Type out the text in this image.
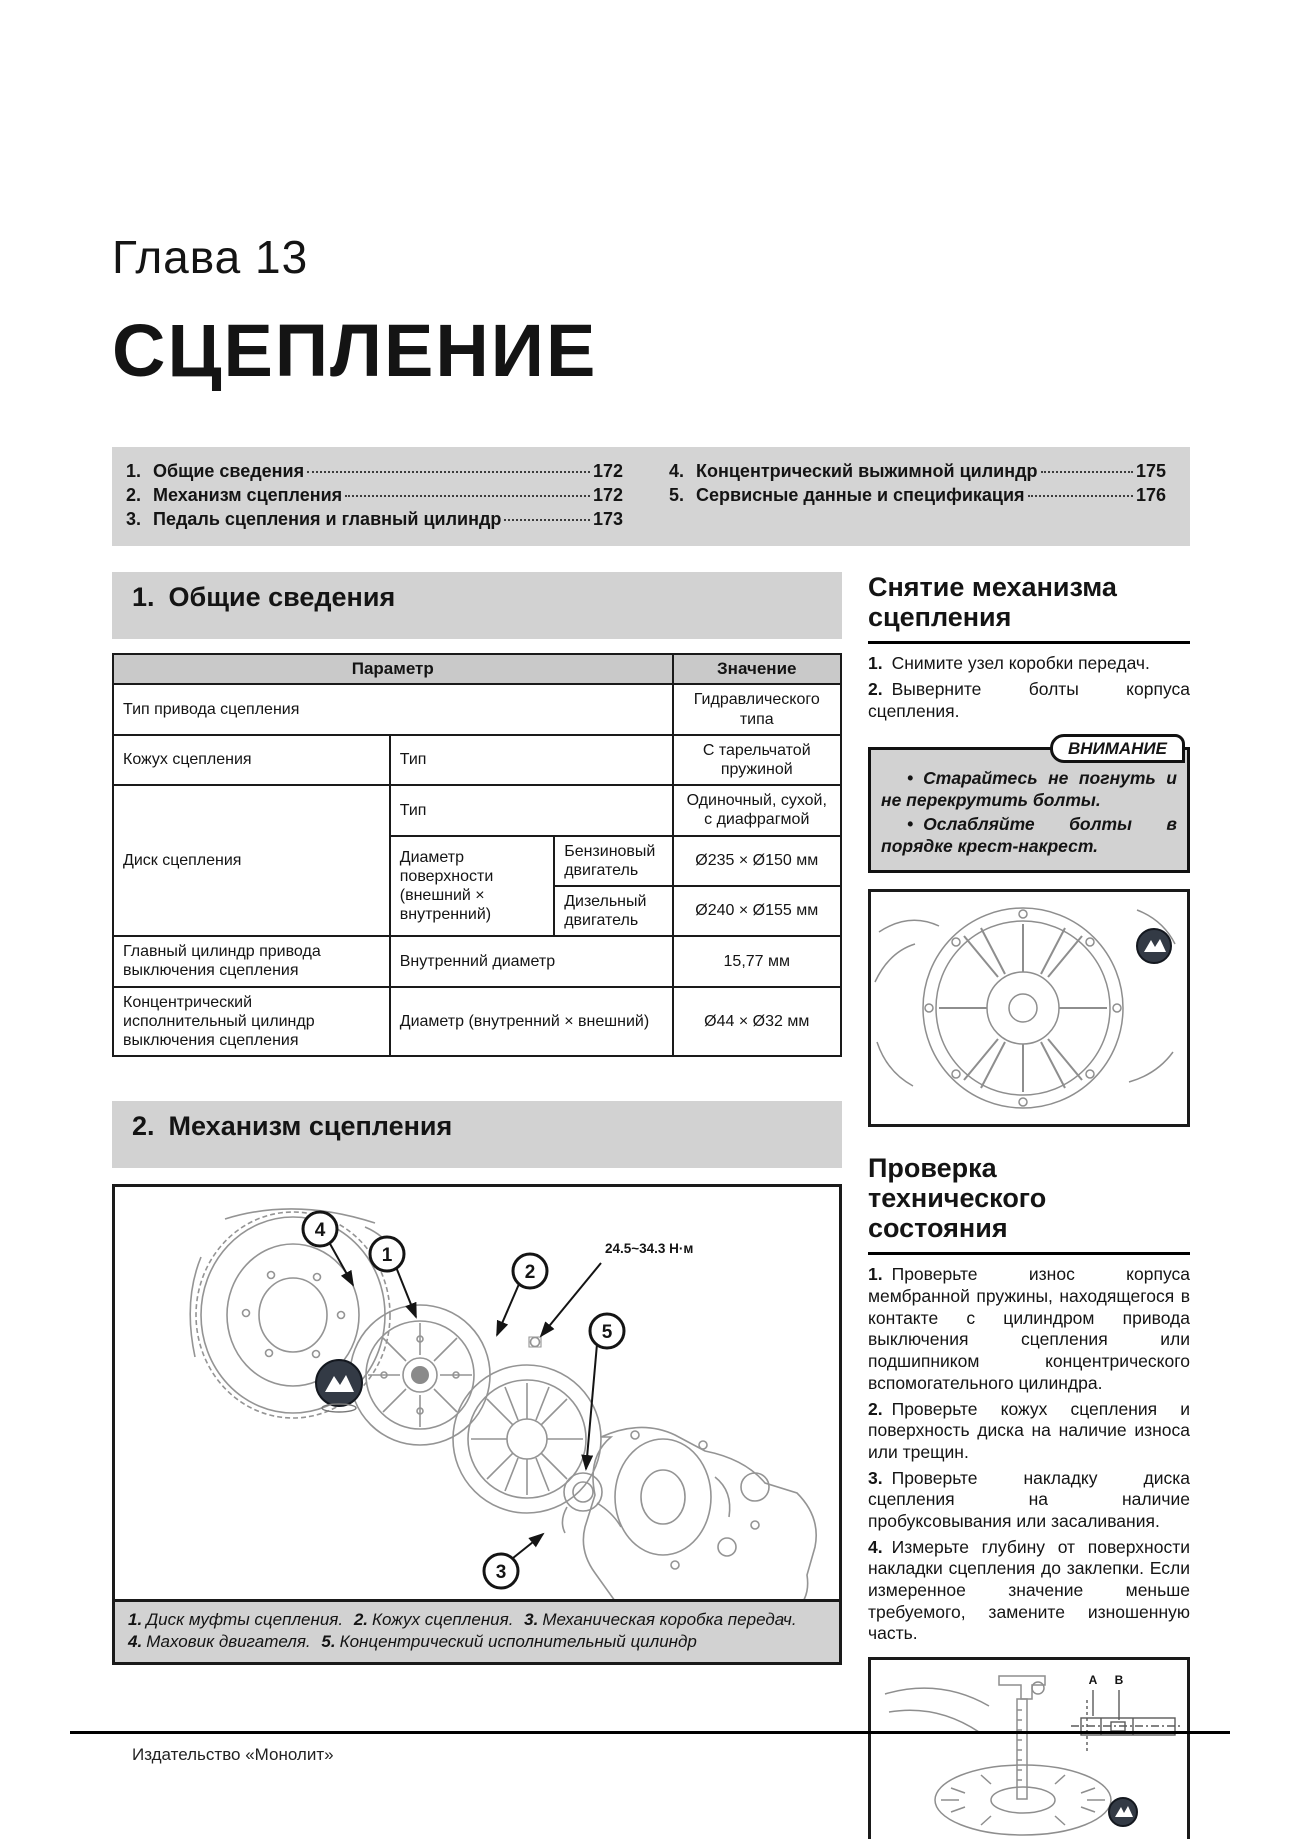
Глава 13
СЦЕПЛЕНИЕ
1. Общие сведения	172
2. Механизм сцепления	172
3. Педаль сцепления и главный цилиндр	173
4. Концентрический выжимной цилиндр	175
5. Сервисные данные и спецификация	176
1. Общие сведения
Параметр			Значение
Тип привода сцепления			Гидравлического типа
Кожух сцепления	Тип		С тарельчатой пружиной
Диск сцепления	Тип		Одиночный, сухой, с диафрагмой
	Диаметр поверхности (внешний × внутренний)	Бензиновый двигатель	Ø235 × Ø150 мм
		Дизельный двигатель	Ø240 × Ø155 мм
Главный цилиндр привода выключения сцепления	Внутренний диаметр		15,77 мм
Концентрический исполнительный цилиндр выключения сцепления	Диаметр (внутренний × внешний)		Ø44 × Ø32 мм
2. Механизм сцепления
4
1
2
5
3
24.5~34.3 Н·м
1. Диск муфты сцепления. 2. Кожух сцепления. 3. Механическая коробка передач. 4. Маховик двигателя. 5. Концентрический исполнительный цилиндр
Снятие механизма
сцепления

1. Снимите узел коробки передач.

2. Выверните болты корпуса сцепления.

ВНИМАНИЕ

• Старайтесь не погнуть и не перекрутить болты.

• Ослабляйте болты в порядке крест-накрест.

Проверка
технического состояния

1. Проверьте износ корпуса мембранной пружины, находящегося в контакте с цилиндром привода выключения сцепления или подшипником концентрического вспомогательного цилиндра.

2. Проверьте кожух сцепления и поверхность диска на наличие износа или трещин.

3. Проверьте накладку диска сцепления на наличие пробуксовывания или засаливания.

4. Измерьте глубину от поверхности накладки сцепления до заклепки. Если измеренное значение меньше требуемого, замените изношенную часть.

A B
Издательство «Монолит»
